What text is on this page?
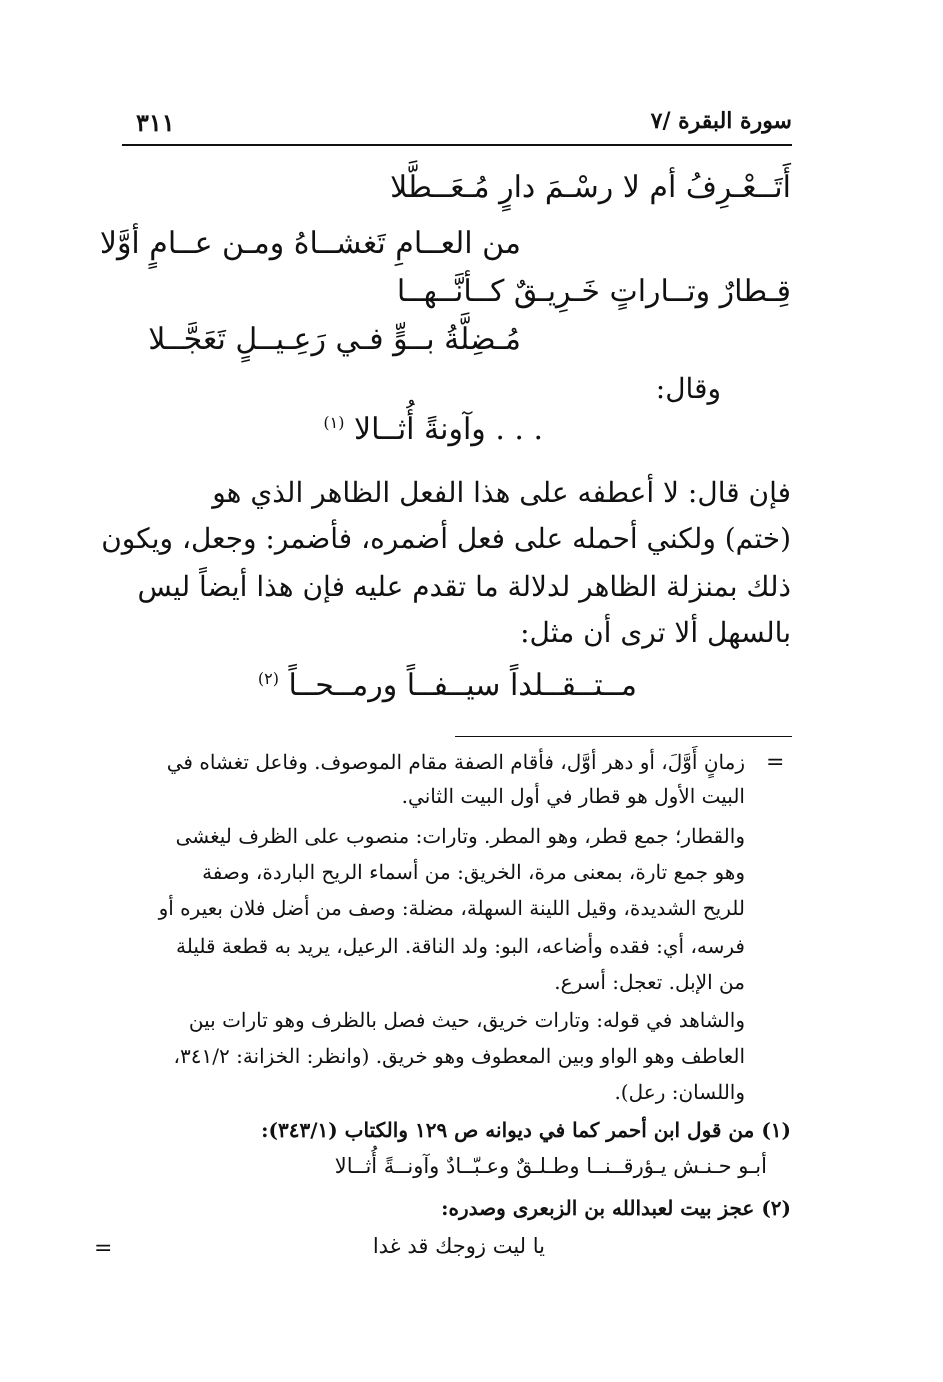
٣١١	سورة البقرة /٧
أَتَــعْـرِفُ أم لا رسْـمَ دارٍ مُـعَــطَّلا
من العــامِ تَغشــاهُ ومـن عــامٍ أوَّلا
قِـطارٌ وتــاراتٍ خَـرِيـقٌ كــأنَّــهــا
مُـضِلَّةُ بــوٍّ فـي رَعِـيــلٍ تَعَجَّــلا
وقال:
. . . وآونةً أُثــالا $^{(١)}$
فإن قال: لا أعطفه على هذا الفعل الظاهر الذي هو
(ختم) ولكني أحمله على فعل أضمره، فأضمر: وجعل، ويكون
ذلك بمنزلة الظاهر لدلالة ما تقدم عليه فإن هذا أيضاً ليس
بالسهل ألا ترى أن مثل:
مــتــقــلداً سيــفــاً ورمــحــاً $^{(٢)}$
=
زمانٍ أَوَّلَ، أو دهر أوَّل، فأقام الصفة مقام الموصوف. وفاعل تغشاه في
البيت الأول هو قطار في أول البيت الثاني.
والقطار؛ جمع قطر، وهو المطر. وتارات: منصوب على الظرف ليغشى
وهو جمع تارة، بمعنى مرة، الخريق: من أسماء الريح الباردة، وصفة
للريح الشديدة، وقيل اللينة السهلة، مضلة: وصف من أضل فلان بعيره أو
فرسه، أي: فقده وأضاعه، البو: ولد الناقة. الرعيل، يريد به قطعة قليلة
من الإبل. تعجل: أسرع.
والشاهد في قوله: وتارات خريق، حيث فصل بالظرف وهو تارات بين
العاطف وهو الواو وبين المعطوف وهو خريق. (وانظر: الخزانة: ٣٤١/٢،
واللسان: رعل).
(١) من قول ابن أحمر كما في ديوانه ص ١٢٩ والكتاب (٣٤٣/١):
أبـو حـنـش يـؤرقــنــا وطـلـقٌ وعـبّــادٌ وآونــةً أُثــالا
(٢) عجز بيت لعبدالله بن الزبعرى وصدره:
يا ليت زوجك قد غدا
=
